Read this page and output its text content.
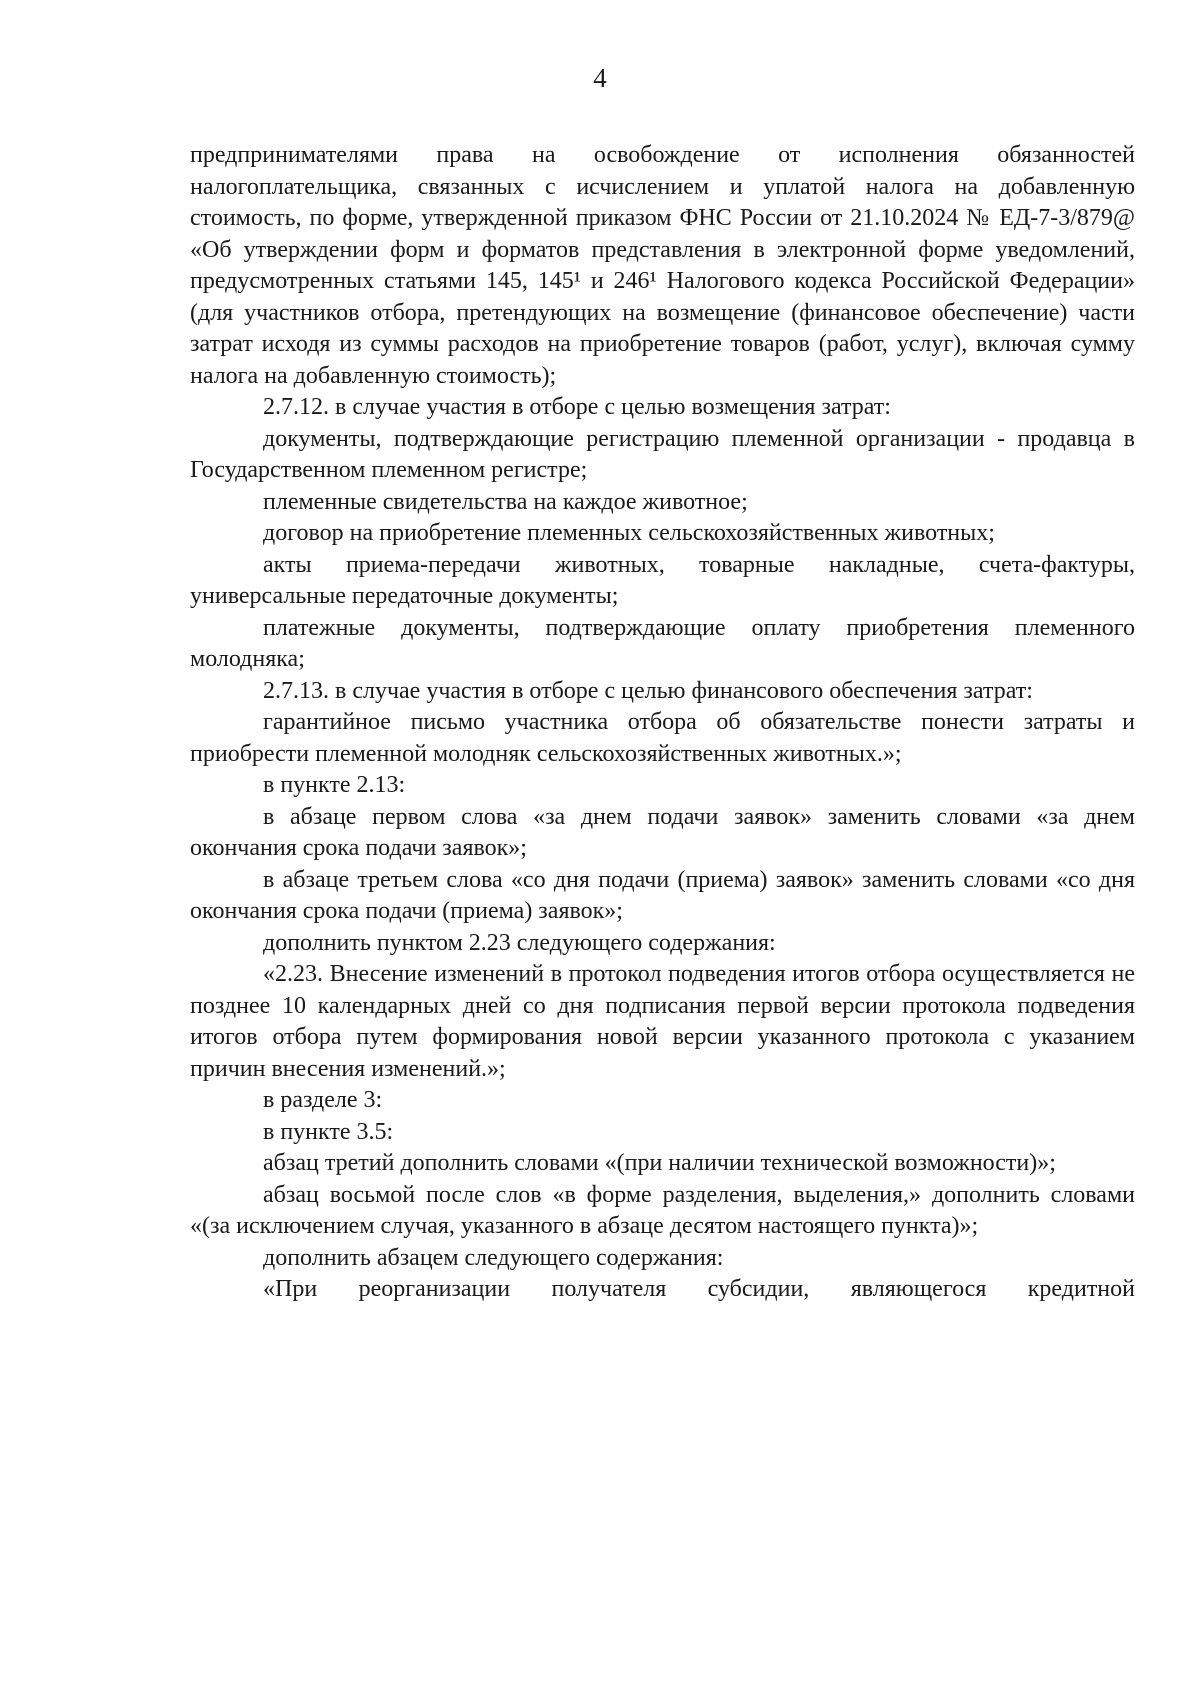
4

предпринимателями права на освобождение от исполнения обязанностей налогоплательщика, связанных с исчислением и уплатой налога на добавленную стоимость, по форме, утвержденной приказом ФНС России от 21.10.2024 № ЕД-7-3/879@ «Об утверждении форм и форматов представления в электронной форме уведомлений, предусмотренных статьями 145, 145¹ и 246¹ Налогового кодекса Российской Федерации» (для участников отбора, претендующих на возмещение (финансовое обеспечение) части затрат исходя из суммы расходов на приобретение товаров (работ, услуг), включая сумму налога на добавленную стоимость);

2.7.12. в случае участия в отборе с целью возмещения затрат:

документы, подтверждающие регистрацию племенной организации - продавца в Государственном племенном регистре;

племенные свидетельства на каждое животное;

договор на приобретение племенных сельскохозяйственных животных;

акты приема-передачи животных, товарные накладные, счета-фактуры, универсальные передаточные документы;

платежные документы, подтверждающие оплату приобретения племенного молодняка;

2.7.13. в случае участия в отборе с целью финансового обеспечения затрат:

гарантийное письмо участника отбора об обязательстве понести затраты и приобрести племенной молодняк сельскохозяйственных животных.»;

в пункте 2.13:

в абзаце первом слова «за днем подачи заявок» заменить словами «за днем окончания срока подачи заявок»;

в абзаце третьем слова «со дня подачи (приема) заявок» заменить словами «со дня окончания срока подачи (приема) заявок»;

дополнить пунктом 2.23 следующего содержания:

«2.23. Внесение изменений в протокол подведения итогов отбора осуществляется не позднее 10 календарных дней со дня подписания первой версии протокола подведения итогов отбора путем формирования новой версии указанного протокола с указанием причин внесения изменений.»;

в разделе 3:

в пункте 3.5:

абзац третий дополнить словами «(при наличии технической возможности)»;

абзац восьмой после слов «в форме разделения, выделения,» дополнить словами «(за исключением случая, указанного в абзаце десятом настоящего пункта)»;

дополнить абзацем следующего содержания:

«При реорганизации получателя субсидии, являющегося кредитной
